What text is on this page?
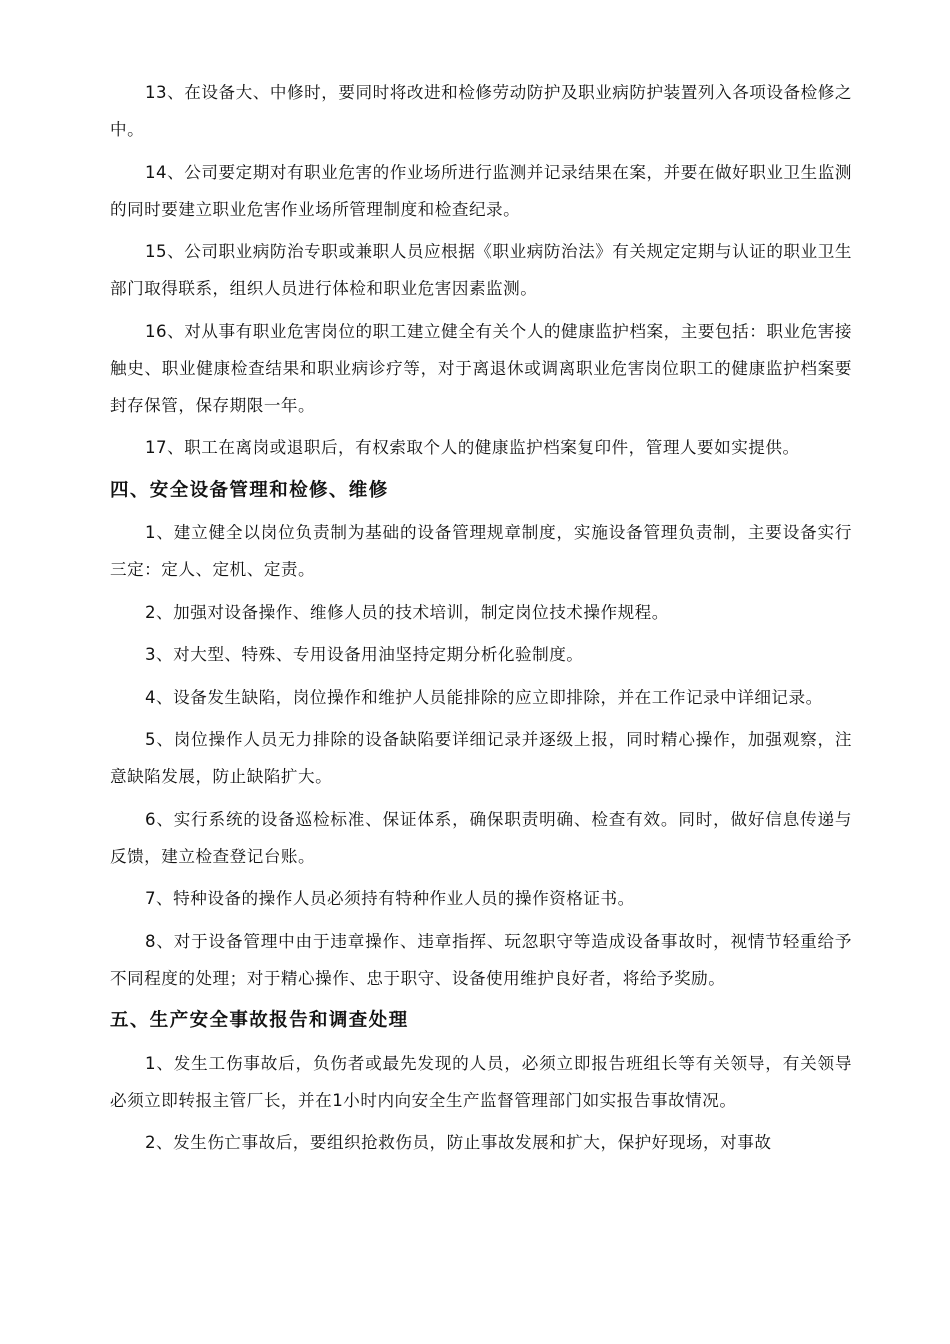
13、在设备大、中修时，要同时将改进和检修劳动防护及职业病防护装置列入各项设备检修之中。

14、公司要定期对有职业危害的作业场所进行监测并记录结果在案，并要在做好职业卫生监测的同时要建立职业危害作业场所管理制度和检查纪录。

15、公司职业病防治专职或兼职人员应根据《职业病防治法》有关规定定期与认证的职业卫生部门取得联系，组织人员进行体检和职业危害因素监测。

16、对从事有职业危害岗位的职工建立健全有关个人的健康监护档案，主要包括：职业危害接触史、职业健康检查结果和职业病诊疗等，对于离退休或调离职业危害岗位职工的健康监护档案要封存保管，保存期限一年。

17、职工在离岗或退职后，有权索取个人的健康监护档案复印件，管理人要如实提供。

四、安全设备管理和检修、维修

1、建立健全以岗位负责制为基础的设备管理规章制度，实施设备管理负责制，主要设备实行三定：定人、定机、定责。

2、加强对设备操作、维修人员的技术培训，制定岗位技术操作规程。

3、对大型、特殊、专用设备用油坚持定期分析化验制度。

4、设备发生缺陷，岗位操作和维护人员能排除的应立即排除，并在工作记录中详细记录。

5、岗位操作人员无力排除的设备缺陷要详细记录并逐级上报，同时精心操作，加强观察，注意缺陷发展，防止缺陷扩大。

6、实行系统的设备巡检标准、保证体系，确保职责明确、检查有效。同时，做好信息传递与反馈，建立检查登记台账。

7、特种设备的操作人员必须持有特种作业人员的操作资格证书。

8、对于设备管理中由于违章操作、违章指挥、玩忽职守等造成设备事故时，视情节轻重给予不同程度的处理；对于精心操作、忠于职守、设备使用维护良好者，将给予奖励。

五、生产安全事故报告和调查处理

1、发生工伤事故后，负伤者或最先发现的人员，必须立即报告班组长等有关领导，有关领导必须立即转报主管厂长，并在1小时内向安全生产监督管理部门如实报告事故情况。

2、发生伤亡事故后，要组织抢救伤员，防止事故发展和扩大，保护好现场，对事故
